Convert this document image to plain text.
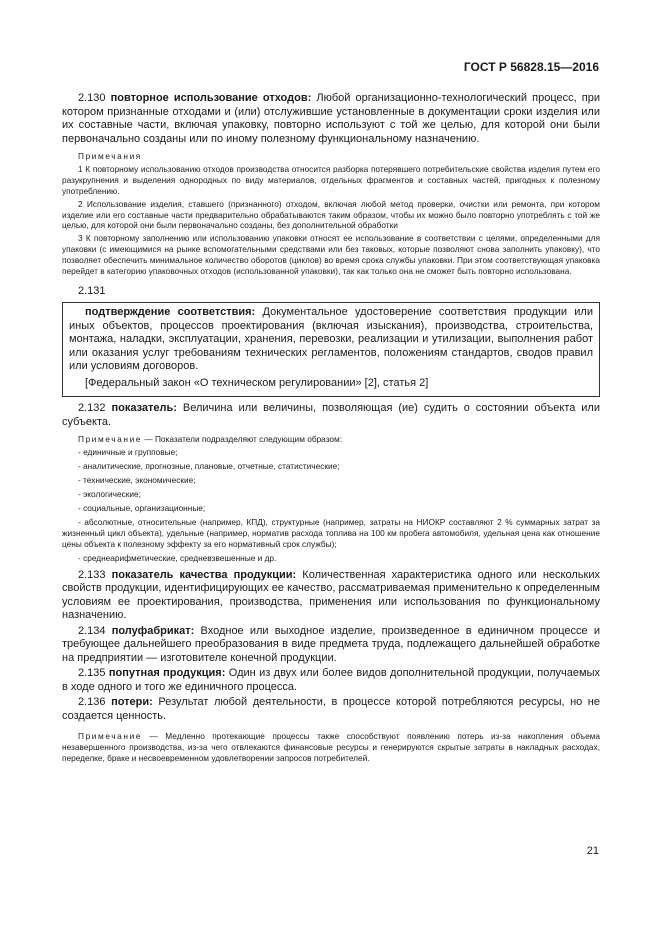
ГОСТ Р 56828.15—2016

2.130 повторное использование отходов: Любой организационно-технологический процесс, при котором признанные отходами и (или) отслужившие установленные в документации сроки изделия или их составные части, включая упаковку, повторно используют с той же целью, для которой они были первоначально созданы или по иному полезному функциональному назначению.

Примечания

1 К повторному использованию отходов производства относится разборка потерявшего потребительские свойства изделия путем его разукрупнения и выделения однородных по виду материалов, отдельных фрагментов и составных частей, пригодных к полезному употреблению.

2 Использование изделия, ставшего (признанного) отходом, включая любой метод проверки, очистки или ремонта, при котором изделие или его составные части предварительно обрабатываются таким образом, чтобы их можно было повторно употреблять с той же целью, для которой они были первоначально созданы, без дополнительной обработки

3 К повторному заполнению или использованию упаковки относят ее использование в соответствии с целями, определенными для упаковки (с имеющимися на рынке вспомогательными средствами или без таковых, которые позволяют снова заполнить упаковку), что позволяет обеспечить минимальное количество оборотов (циклов) во время срока службы упаковки. При этом соответствующая упаковка перейдет в категорию упаковочных отходов (использованной упаковки), так как только она не сможет быть повторно использована.

2.131

подтверждение соответствия: Документальное удостоверение соответствия продукции или иных объектов, процессов проектирования (включая изыскания), производства, строительства, монтажа, наладки, эксплуатации, хранения, перевозки, реализации и утилизации, выполнения работ или оказания услуг требованиям технических регламентов, положениям стандартов, сводов правил или условиям договоров.

[Федеральный закон «О техническом регулировании» [2], статья 2]

2.132 показатель: Величина или величины, позволяющая (ие) судить о состоянии объекта или субъекта.

Примечание — Показатели подразделяют следующим образом:

- единичные и групповые;

- аналитические, прогнозные, плановые, отчетные, статистические;

- технические, экономические;

- экологические;

- социальные, организационные;

- абсолютные, относительные (например, КПД), структурные (например, затраты на НИОКР составляют 2 % суммарных затрат за жизненный цикл объекта), удельные (например, норматив расхода топлива на 100 км пробега автомобиля, удельная цена как отношение цены объекта к полезному эффекту за его нормативный срок службы);

- среднеарифметические, средневзвешенные и др.

2.133 показатель качества продукции: Количественная характеристика одного или нескольких свойств продукции, идентифицирующих ее качество, рассматриваемая применительно к определенным условиям ее проектирования, производства, применения или использования по функциональному назначению.

2.134 полуфабрикат: Входное или выходное изделие, произведенное в единичном процессе и требующее дальнейшего преобразования в виде предмета труда, подлежащего дальнейшей обработке на предприятии — изготовителе конечной продукции.

2.135 попутная продукция: Один из двух или более видов дополнительной продукции, получаемых в ходе одного и того же единичного процесса.

2.136 потери: Результат любой деятельности, в процессе которой потребляются ресурсы, но не создается ценность.

Примечание — Медленно протекающие процессы также способствуют появлению потерь из-за накопления объема незавершенного производства, из-за чего отвлекаются финансовые ресурсы и генерируются скрытые затраты в накладных расходах, переделке, браке и несвоевременном удовлетворении запросов потребителей.

21
